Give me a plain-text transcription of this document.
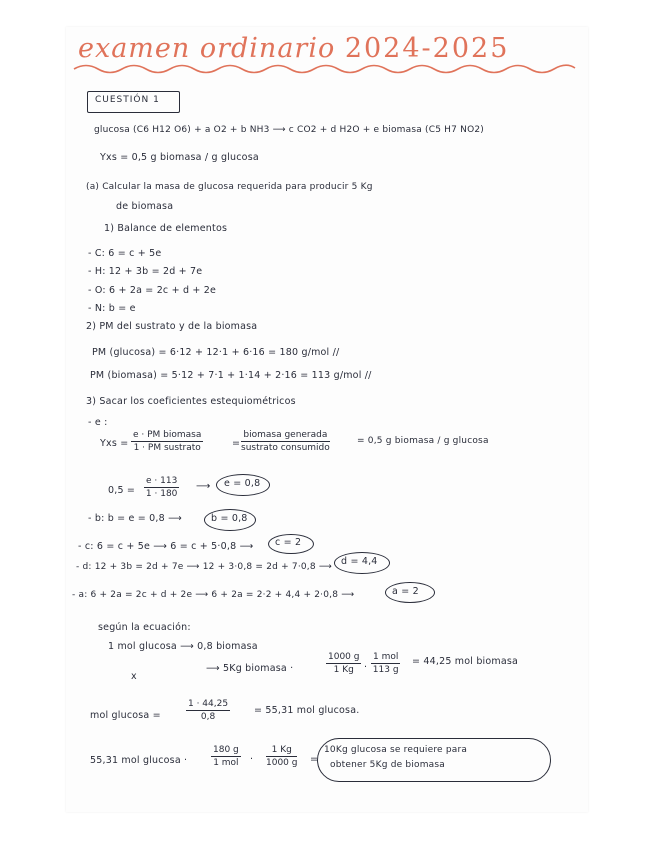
examen ordinario 2024-2025
CUESTIÓN 1
glucosa (C6 H12 O6) + a O2 + b NH3 ⟶ c CO2 + d H2O + e biomasa (C5 H7 NO2)
Yxs = 0,5 g biomasa / g glucosa
(a) Calcular la masa de glucosa requerida para producir 5 Kg
de biomasa
1) Balance de elementos
- C: 6 = c + 5e
- H: 12 + 3b = 2d + 7e
- O: 6 + 2a = 2c + d + 2e
- N: b = e
2) PM del sustrato y de la biomasa
PM (glucosa) = 6·12 + 12·1 + 6·16 = 180 g/mol //
PM (biomasa) = 5·12 + 7·1 + 1·14 + 2·16 = 113 g/mol //
3) Sacar los coeficientes estequiométricos
- e :
Yxs =
e · PM biomasa
1 · PM sustrato	=
biomasa generada
sustrato consumido
= 0,5 g biomasa / g glucosa
$0,5 = \frac{e \cdot 113}{1 \cdot 180}$ ⟶ e = 0,8
- b: b = e = 0,8 ⟶	b = 0,8
- c: 6 = c + 5e ⟶ 6 = c + 5·0,8 ⟶ c = 2
- d: 12 + 3b = 2d + 7e ⟶ 12 + 3·0,8 = 2d + 7·0,8 ⟶ d = 4,4
- a: 6 + 2a = 2c + d + 2e ⟶ 6 + 2a = 2·2 + 4,4 + 2·0,8 ⟶	a = 2
según la ecuación:
1 mol glucosa ⟶ 0,8 biomasa
x
⟶ 5Kg biomasa ·	$\frac{1000 g}{1 Kg}$ ·
1 mol
113 g
= 44,25 mol biomasa
mol glucosa =	$\frac{1 \cdot 44,25}{0,8}$	= 55,31 mol glucosa.
55,31 mol glucosa ·
180 g
1 mol · $\frac{1 Kg}{1000 g}$ =
10Kg glucosa se requiere para
obtener 5Kg de biomasa
